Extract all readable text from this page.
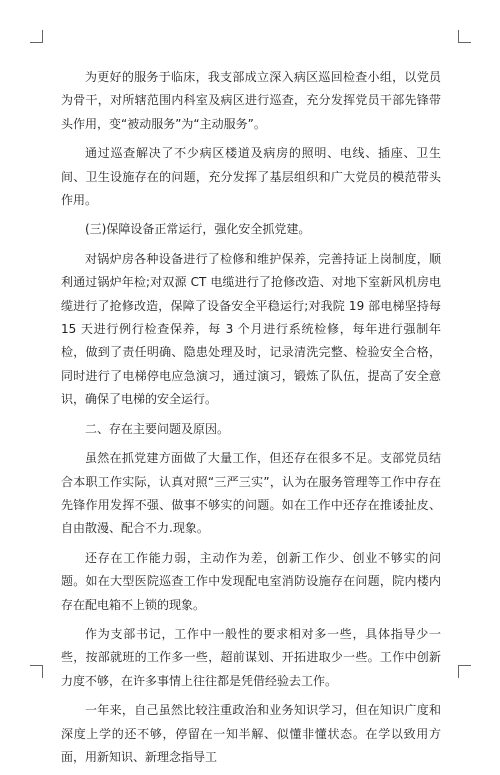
为更好的服务于临床，我支部成立深入病区巡回检查小组，以党员为骨干，对所辖范围内科室及病区进行巡查，充分发挥党员干部先锋带头作用，变“被动服务”为“主动服务”。

通过巡查解决了不少病区楼道及病房的照明、电线、插座、卫生间、卫生设施存在的问题，充分发挥了基层组织和广大党员的模范带头作用。

(三)保障设备正常运行，强化安全抓党建。

对锅炉房各种设备进行了检修和维护保养，完善持证上岗制度，顺利通过锅炉年检;对双源 CT 电缆进行了抢修改造、对地下室新风机房电缆进行了抢修改造，保障了设备安全平稳运行;对我院 19 部电梯坚持每 15 天进行例行检查保养，每 3 个月进行系统检修，每年进行强制年检，做到了责任明确、隐患处理及时，记录清洗完整、检验安全合格，同时进行了电梯停电应急演习，通过演习，锻炼了队伍，提高了安全意识，确保了电梯的安全运行。

二、存在主要问题及原因。

虽然在抓党建方面做了大量工作，但还存在很多不足。支部党员结合本职工作实际，认真对照“三严三实”，认为在服务管理等工作中存在先锋作用发挥不强、做事不够实的问题。如在工作中还存在推诿扯皮、自由散漫、配合不力.现象。

还存在工作能力弱，主动作为差，创新工作少、创业不够实的问题。如在大型医院巡查工作中发现配电室消防设施存在问题，院内楼内存在配电箱不上锁的现象。

作为支部书记，工作中一般性的要求相对多一些，具体指导少一些，按部就班的工作多一些，超前谋划、开拓进取少一些。工作中创新力度不够，在许多事情上往往都是凭借经验去工作。

一年来，自己虽然比较注重政治和业务知识学习，但在知识广度和深度上学的还不够，停留在一知半解、似懂非懂状态。在学以致用方面，用新知识、新理念指导工
